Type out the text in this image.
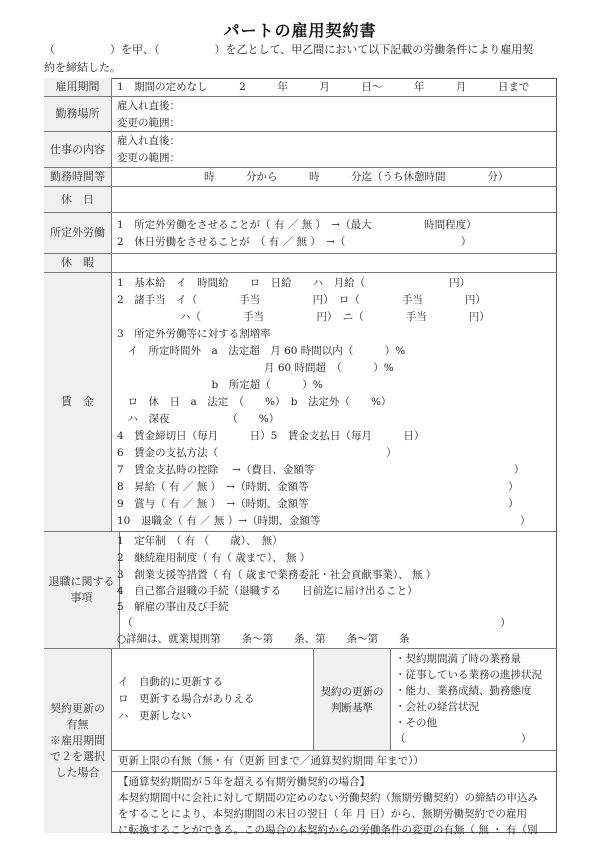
パートの雇用契約書
（　　　　　）を甲、（　　　　　）を乙として、甲乙間において以下記載の労働条件により雇用契
約を締結した。
雇用期間	1　期間の定めなし　　　2　　　年　　　月　　　日～　　　年　　　月　　　日まで
勤務場所
雇入れ直後：
変更の範囲：
仕事の内容
雇入れ直後：
変更の範囲：
勤務時間等	時　　　分から　　　時　　　分迄（うち休憩時間　　　　分）
休　日
所定外労働
1　所定外労働をさせることが（ 有 ／ 無 ）　→（最大　　　　　時間程度）
2　休日労働をさせることが　（ 有 ／ 無 ）　→（　　　　　　　　　　　）
休　暇
賃　金
1　基本給　イ　時間給　　ロ　日給　　ハ　月給（　　　　　　　　円）
2　諸手当　イ（　　　　手当　　　　　円）　ロ（　　　　手当　　　　円）
　　　　　　ハ（　　　　手当　　　　　円）　ニ（　　　　手当　　　　円）
3　所定外労働等に対する割増率
　イ　所定時間外　a　法定超　月 60 時間以内（　　　）%
　　　　　　　　　　　　　　月 60 時間超　（　　　）%
　　　　　　　　　b　所定超（　　　）%
　ロ　休　日　a　法定　（　　%）　b　法定外（　　%）
　ハ　深夜　　　　　　（　　%）
4　賃金締切日（毎月　　　日）5　賃金支払日（毎月　　　日）
6　賃金の支払方法（　　　　　　　　　　　　　　　　）
7　賃金支払時の控除　 →（費目、金額等　　　　　　　　　　　　　　　　　　　）
8　昇給（ 有 ／ 無 ）　→（時期、金額等　　　　　　　　　　　　　　　　　　　）
9　賞与（ 有 ／ 無 ）　→（時期、金額等　　　　　　　　　　　　　　　　　　　）
10　退職金（ 有 ／ 無 ）→（時期、金額等　　　　　　　　　　　　　　　　　　　）
退職に関する事項
1　定年制　（ 有 （　　歳）、　無）
2　継続雇用制度（ 有（ 歳まで）、 無 ）
3　創業支援等措置（ 有（ 歳まで業務委託・社会貢献事業）、 無 ）
4　自己都合退職の手続（退職する　　日前迄に届け出ること）
5　解雇の事由及び手続
　（　　　　　　　　　　　　　　　　　　　　　　　　　　　　　　　　　　　）
○詳細は、就業規則第　　条～第　　条、第　　条～第　　条
契約更新の
有無
※雇用期間
で２を選択
した場合
イ　自動的に更新する
ロ　更新する場合がありえる
ハ　更新しない
契約の更新の
判断基準
・契約期間満了時の業務量
・従事している業務の進捗状況
・能力、業務成績、勤務態度
・会社の経営状況
・その他
（　　　　　　　　　　　）
更新上限の有無（無・有（更新 回まで／通算契約期間 年まで））
【通算契約期間が５年を超える有期労働契約の場合】
本契約期間中に会社に対して期間の定めのない労働契約（無期労働契約）の締結の申込み
をすることにより、本契約期間の末日の翌日（ 年 月 日）から、無期労働契約での雇用
に転換することができる。この場合の本契約からの労働条件の変更の有無（ 無 ・ 有（別
